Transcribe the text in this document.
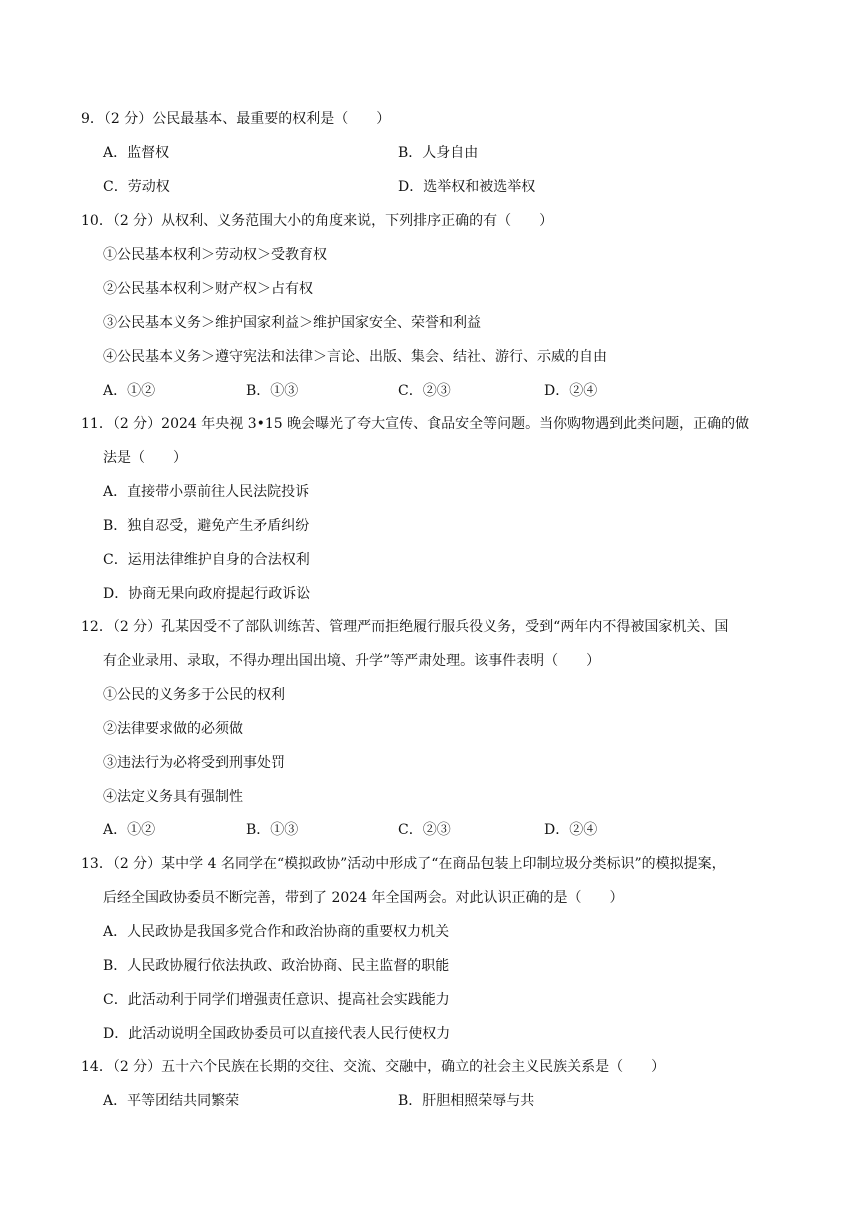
9．（2 分）公民最基本、最重要的权利是（　　）
A．监督权	B．人身自由
C．劳动权	D．选举权和被选举权
10．（2 分）从权利、义务范围大小的角度来说，下列排序正确的有（　　）
①公民基本权利＞劳动权＞受教育权
②公民基本权利＞财产权＞占有权
③公民基本义务＞维护国家利益＞维护国家安全、荣誉和利益
④公民基本义务＞遵守宪法和法律＞言论、出版、集会、结社、游行、示威的自由
A．①②	B．①③	C．②③	D．②④
11．（2 分）2024 年央视 3•15 晚会曝光了夸大宣传、食品安全等问题。当你购物遇到此类问题，正确的做
法是（　　）
A．直接带小票前往人民法院投诉
B．独自忍受，避免产生矛盾纠纷
C．运用法律维护自身的合法权利
D．协商无果向政府提起行政诉讼
12．（2 分）孔某因受不了部队训练苦、管理严而拒绝履行服兵役义务，受到“两年内不得被国家机关、国
有企业录用、录取，不得办理出国出境、升学”等严肃处理。该事件表明（　　）
①公民的义务多于公民的权利
②法律要求做的必须做
③违法行为必将受到刑事处罚
④法定义务具有强制性
A．①②	B．①③	C．②③	D．②④
13．（2 分）某中学 4 名同学在“模拟政协”活动中形成了“在商品包装上印制垃圾分类标识”的模拟提案，
后经全国政协委员不断完善，带到了 2024 年全国两会。对此认识正确的是（　　）
A．人民政协是我国多党合作和政治协商的重要权力机关
B．人民政协履行依法执政、政治协商、民主监督的职能
C．此活动利于同学们增强责任意识、提高社会实践能力
D．此活动说明全国政协委员可以直接代表人民行使权力
14．（2 分）五十六个民族在长期的交往、交流、交融中，确立的社会主义民族关系是（　　）
A．平等团结共同繁荣	B．肝胆相照荣辱与共
